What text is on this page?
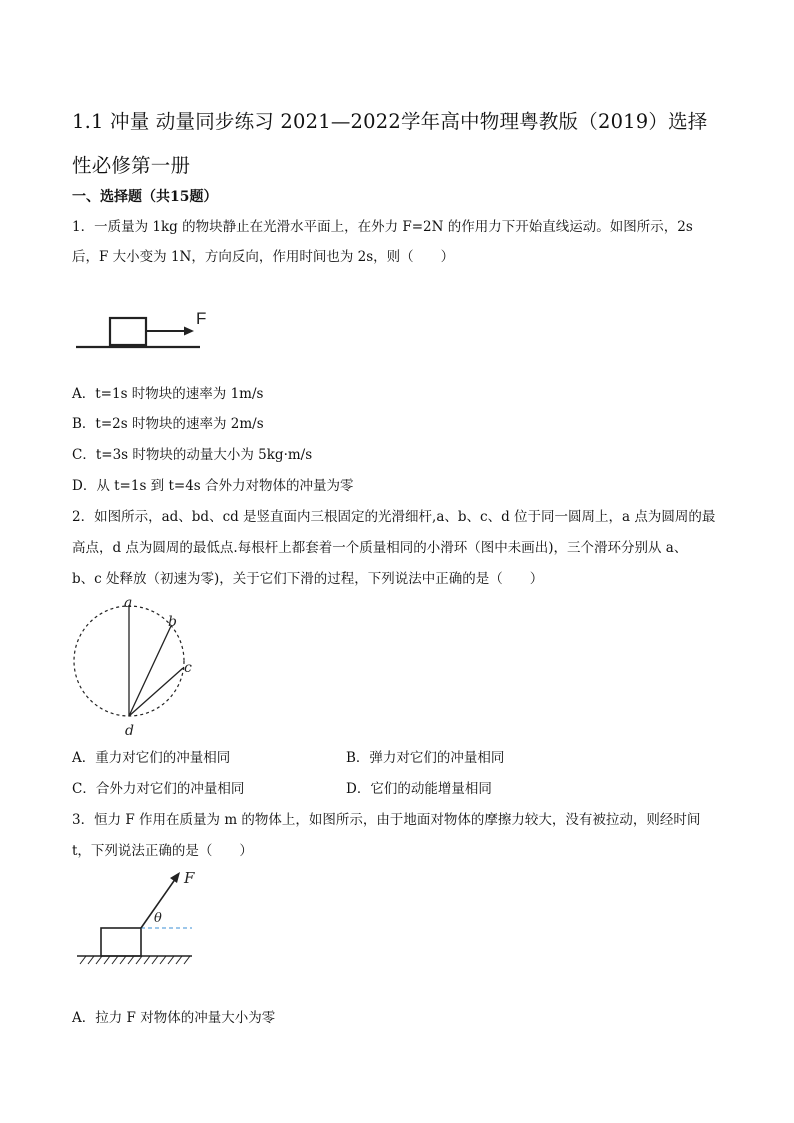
1.1 冲量 动量同步练习 2021—2022学年高中物理粤教版（2019）选择性必修第一册
一、选择题（共15题）
1．一质量为 1kg 的物块静止在光滑水平面上，在外力 F=2N 的作用力下开始直线运动。如图所示，2s
后，F 大小变为 1N，方向反向，作用时间也为 2s，则（　　）
F
A．t=1s 时物块的速率为 1m/s
B．t=2s 时物块的速率为 2m/s
C．t=3s 时物块的动量大小为 5kg·m/s
D．从 t=1s 到 t=4s 合外力对物体的冲量为零
2．如图所示，ad、bd、cd 是竖直面内三根固定的光滑细杆,a、b、c、d 位于同一圆周上，a 点为圆周的最
高点，d 点为圆周的最低点.每根杆上都套着一个质量相同的小滑环（图中未画出)，三个滑环分别从 a、
b、c 处释放（初速为零)，关于它们下滑的过程，下列说法中正确的是（　　）
a
b
c
d
A．重力对它们的冲量相同	B．弹力对它们的冲量相同
C．合外力对它们的冲量相同	D．它们的动能增量相同
3．恒力 F 作用在质量为 m 的物体上，如图所示，由于地面对物体的摩擦力较大，没有被拉动，则经时间
t，下列说法正确的是（　　）
F
θ
A．拉力 F 对物体的冲量大小为零
